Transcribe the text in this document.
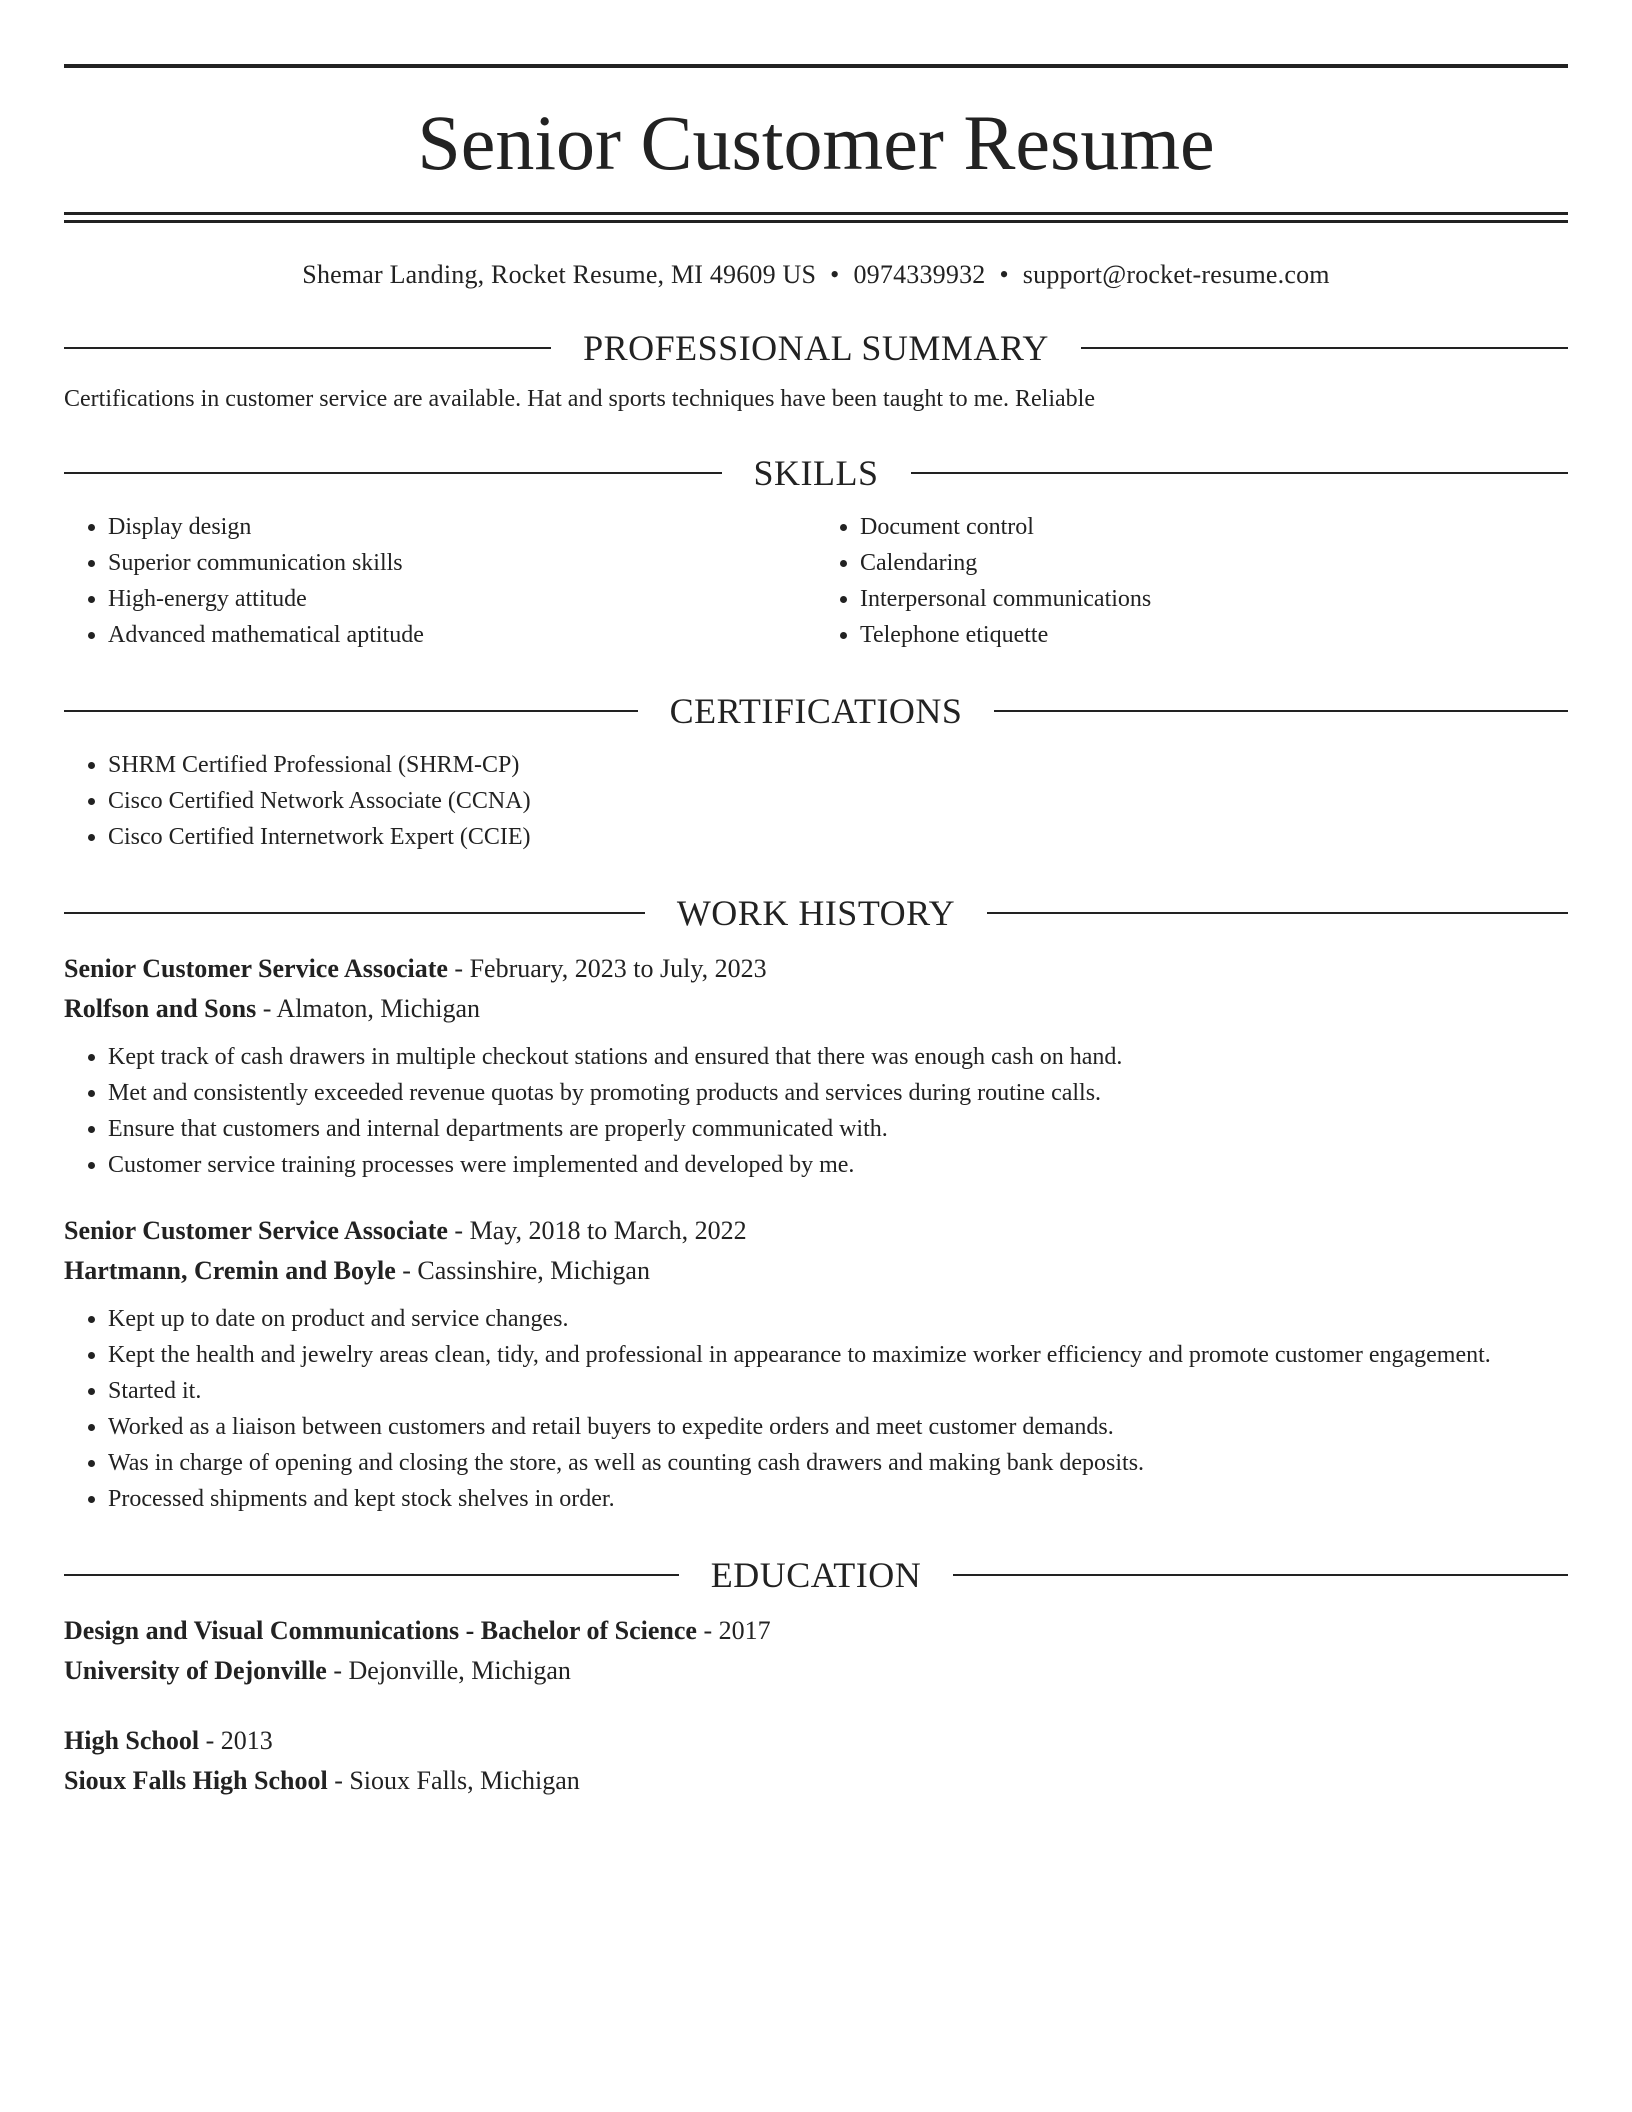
Senior Customer Resume
Shemar Landing, Rocket Resume, MI 49609 US • 0974339932 • support@rocket-resume.com
PROFESSIONAL SUMMARY
Certifications in customer service are available. Hat and sports techniques have been taught to me. Reliable
SKILLS
• Display design
• Superior communication skills
• High-energy attitude
• Advanced mathematical aptitude
• Document control
• Calendaring
• Interpersonal communications
• Telephone etiquette
CERTIFICATIONS
• SHRM Certified Professional (SHRM-CP)
• Cisco Certified Network Associate (CCNA)
• Cisco Certified Internetwork Expert (CCIE)
WORK HISTORY
Senior Customer Service Associate - February, 2023 to July, 2023
Rolfson and Sons - Almaton, Michigan
• Kept track of cash drawers in multiple checkout stations and ensured that there was enough cash on hand.
• Met and consistently exceeded revenue quotas by promoting products and services during routine calls.
• Ensure that customers and internal departments are properly communicated with.
• Customer service training processes were implemented and developed by me.
Senior Customer Service Associate - May, 2018 to March, 2022
Hartmann, Cremin and Boyle - Cassinshire, Michigan
• Kept up to date on product and service changes.
• Kept the health and jewelry areas clean, tidy, and professional in appearance to maximize worker efficiency and promote customer engagement.
• Started it.
• Worked as a liaison between customers and retail buyers to expedite orders and meet customer demands.
• Was in charge of opening and closing the store, as well as counting cash drawers and making bank deposits.
• Processed shipments and kept stock shelves in order.
EDUCATION
Design and Visual Communications - Bachelor of Science - 2017
University of Dejonville - Dejonville, Michigan
High School - 2013
Sioux Falls High School - Sioux Falls, Michigan
